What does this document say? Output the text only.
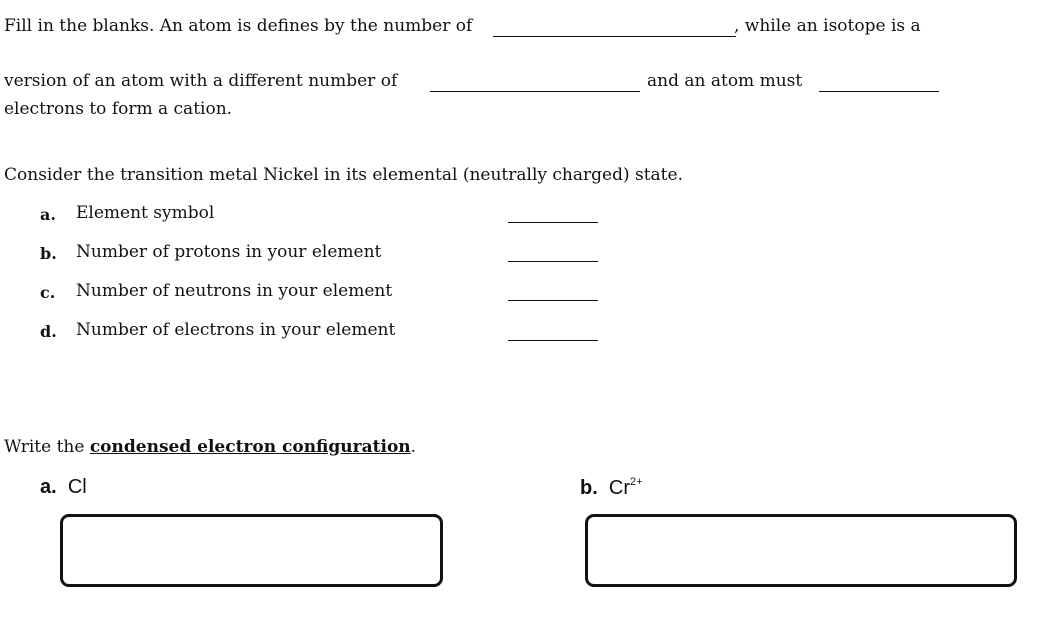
Fill in the blanks. An atom is defines by the number of	, while an isotope is a
version of an atom with a different number of	and an atom must
electrons to form a cation.
Consider the transition metal Nickel in its elemental (neutrally charged) state.
a. Element symbol
b. Number of protons in your element
c. Number of neutrons in your element
d. Number of electrons in your element
Write the condensed electron configuration.
a. Cl	b. $Cr^{2+}$
